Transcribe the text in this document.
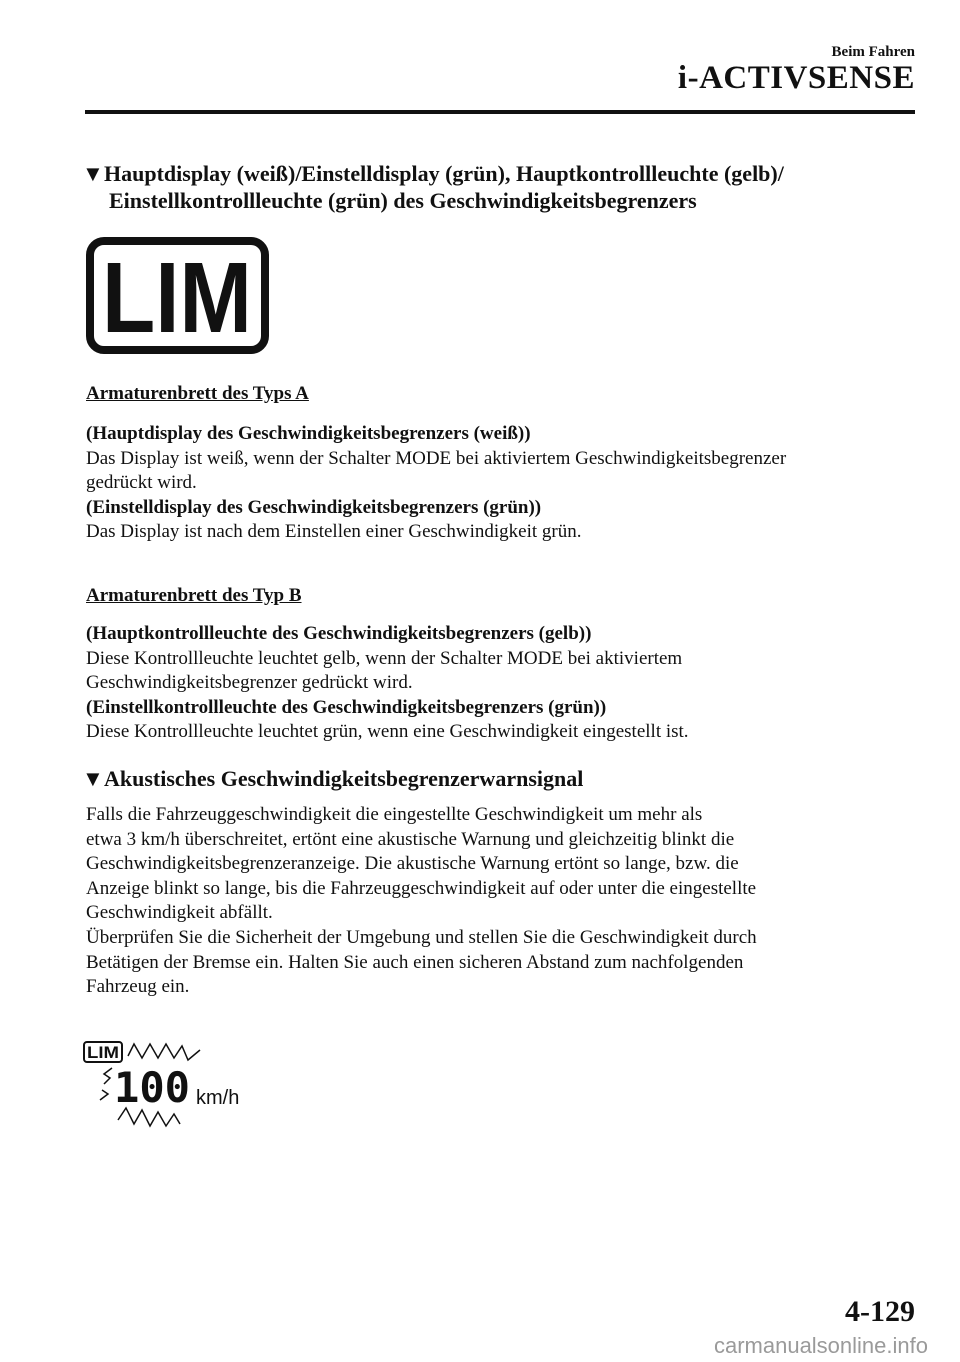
Beim Fahren
i-ACTIVSENSE
▼Hauptdisplay (weiß)/Einstelldisplay (grün), Hauptkontrollleuchte (gelb)/
Einstellkontrollleuchte (grün) des Geschwindigkeitsbegrenzers
LIM
Armaturenbrett des Typs A
(Hauptdisplay des Geschwindigkeitsbegrenzers (weiß))
Das Display ist weiß, wenn der Schalter MODE bei aktiviertem Geschwindigkeitsbegrenzer
gedrückt wird.
(Einstelldisplay des Geschwindigkeitsbegrenzers (grün))
Das Display ist nach dem Einstellen einer Geschwindigkeit grün.
Armaturenbrett des Typ B
(Hauptkontrollleuchte des Geschwindigkeitsbegrenzers (gelb))
Diese Kontrollleuchte leuchtet gelb, wenn der Schalter MODE bei aktiviertem
Geschwindigkeitsbegrenzer gedrückt wird.
(Einstellkontrollleuchte des Geschwindigkeitsbegrenzers (grün))
Diese Kontrollleuchte leuchtet grün, wenn eine Geschwindigkeit eingestellt ist.
▼Akustisches Geschwindigkeitsbegrenzerwarnsignal
Falls die Fahrzeuggeschwindigkeit die eingestellte Geschwindigkeit um mehr als
etwa 3 km/h überschreitet, ertönt eine akustische Warnung und gleichzeitig blinkt die
Geschwindigkeitsbegrenzeranzeige. Die akustische Warnung ertönt so lange, bzw. die
Anzeige blinkt so lange, bis die Fahrzeuggeschwindigkeit auf oder unter die eingestellte
Geschwindigkeit abfällt.
Überprüfen Sie die Sicherheit der Umgebung und stellen Sie die Geschwindigkeit durch
Betätigen der Bremse ein. Halten Sie auch einen sicheren Abstand zum nachfolgenden
Fahrzeug ein.
LIM
100 km/h
4-129
carmanualsonline.info
